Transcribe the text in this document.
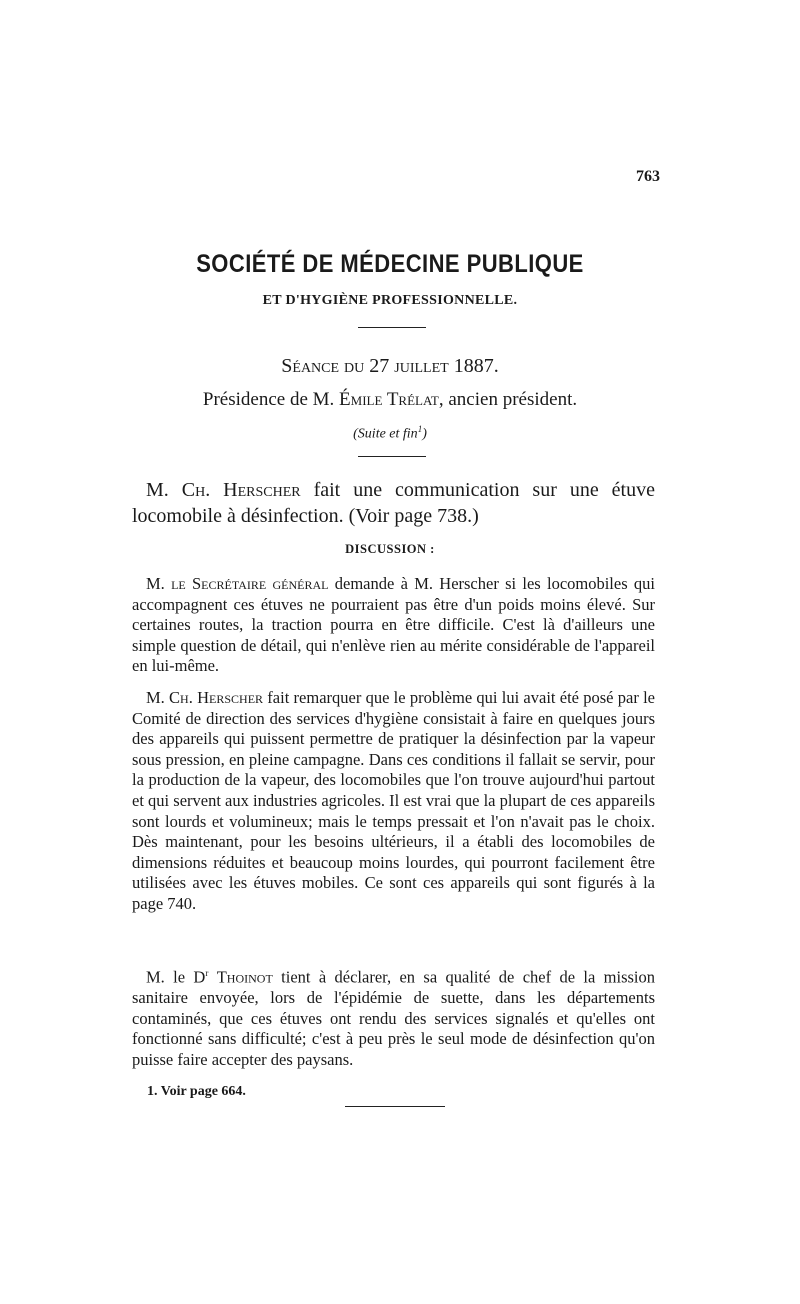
763
SOCIÉTÉ DE MÉDECINE PUBLIQUE
ET D'HYGIÈNE PROFESSIONNELLE.
Séance du 27 juillet 1887.
Présidence de M. Émile Trélat, ancien président.
(Suite et fin$^1$)

M. Ch. Herscher fait une communication sur une étuve locomobile à désinfection. (Voir page 738.)

DISCUSSION :

M. le Secrétaire général demande à M. Herscher si les locomobiles qui accompagnent ces étuves ne pourraient pas être d'un poids moins élevé. Sur certaines routes, la traction pourra en être difficile. C'est là d'ailleurs une simple question de détail, qui n'enlève rien au mérite considérable de l'appareil en lui-même.

M. Ch. Herscher fait remarquer que le problème qui lui avait été posé par le Comité de direction des services d'hygiène consistait à faire en quelques jours des appareils qui puissent permettre de pratiquer la désinfection par la vapeur sous pression, en pleine campagne. Dans ces conditions il fallait se servir, pour la production de la vapeur, des locomobiles que l'on trouve aujourd'hui partout et qui servent aux industries agricoles. Il est vrai que la plupart de ces appareils sont lourds et volumineux; mais le temps pressait et l'on n'avait pas le choix. Dès maintenant, pour les besoins ultérieurs, il a établi des locomobiles de dimensions réduites et beaucoup moins lourdes, qui pourront facilement être utilisées avec les étuves mobiles. Ce sont ces appareils qui sont figurés à la page 740.

M. le $D^r$ Thoinot tient à déclarer, en sa qualité de chef de la mission sanitaire envoyée, lors de l'épidémie de suette, dans les départements contaminés, que ces étuves ont rendu des services signalés et qu'elles ont fonctionné sans difficulté; c'est à peu près le seul mode de désinfection qu'on puisse faire accepter des paysans.

1. Voir page 664.
